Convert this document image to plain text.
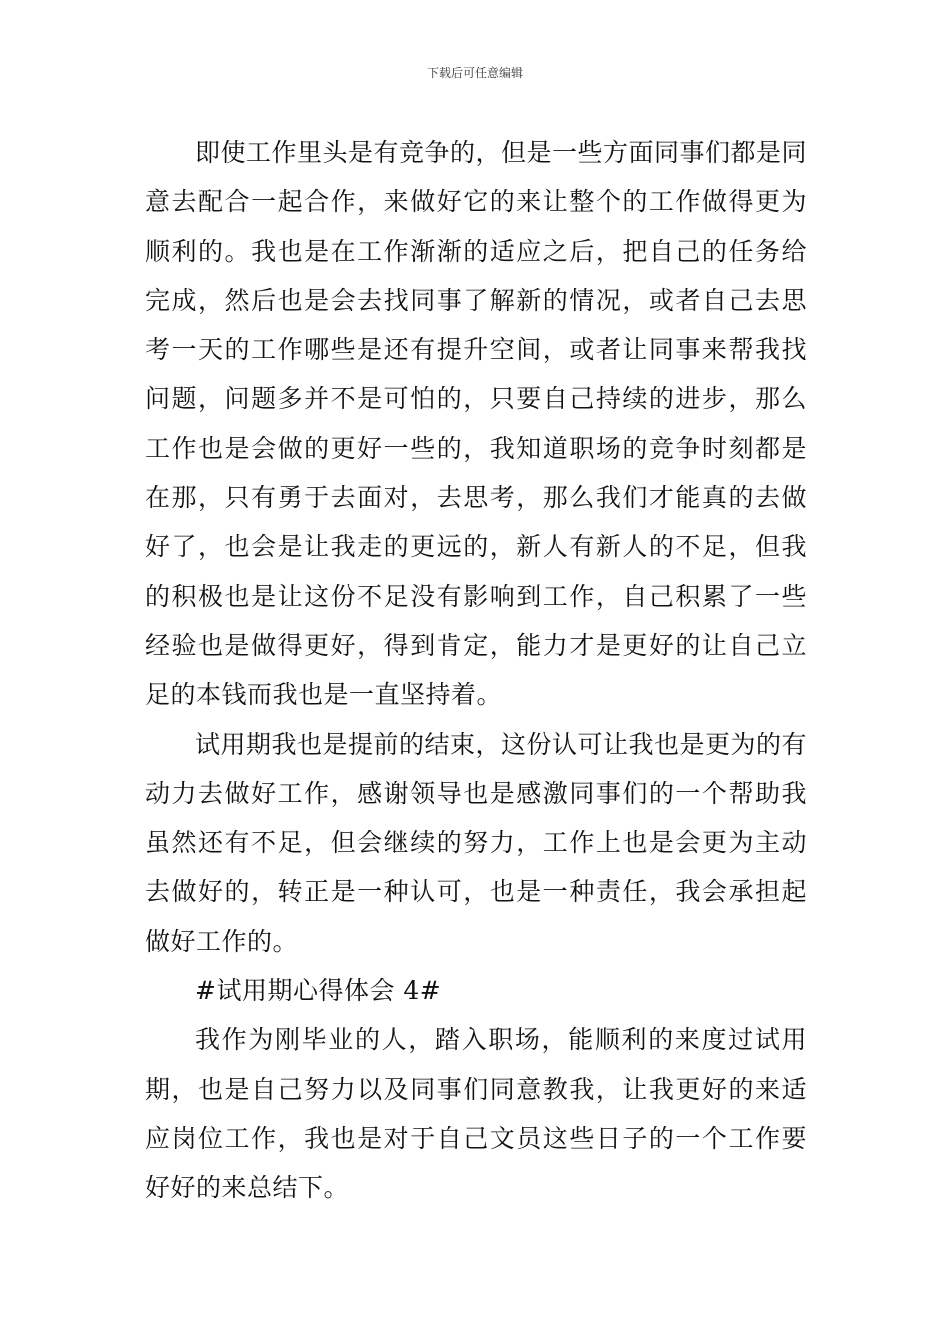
下载后可任意编辑

即使工作里头是有竞争的，但是一些方面同事们都是同意去配合一起合作，来做好它的来让整个的工作做得更为顺利的。我也是在工作渐渐的适应之后，把自己的任务给完成，然后也是会去找同事了解新的情况，或者自己去思考一天的工作哪些是还有提升空间，或者让同事来帮我找问题，问题多并不是可怕的，只要自己持续的进步，那么工作也是会做的更好一些的，我知道职场的竞争时刻都是在那，只有勇于去面对，去思考，那么我们才能真的去做好了，也会是让我走的更远的，新人有新人的不足，但我的积极也是让这份不足没有影响到工作，自己积累了一些经验也是做得更好，得到肯定，能力才是更好的让自己立足的本钱而我也是一直坚持着。

试用期我也是提前的结束，这份认可让我也是更为的有动力去做好工作，感谢领导也是感激同事们的一个帮助我虽然还有不足，但会继续的努力，工作上也是会更为主动去做好的，转正是一种认可，也是一种责任，我会承担起做好工作的。

#试用期心得体会 4#

我作为刚毕业的人，踏入职场，能顺利的来度过试用期，也是自己努力以及同事们同意教我，让我更好的来适应岗位工作，我也是对于自己文员这些日子的一个工作要好好的来总结下。
